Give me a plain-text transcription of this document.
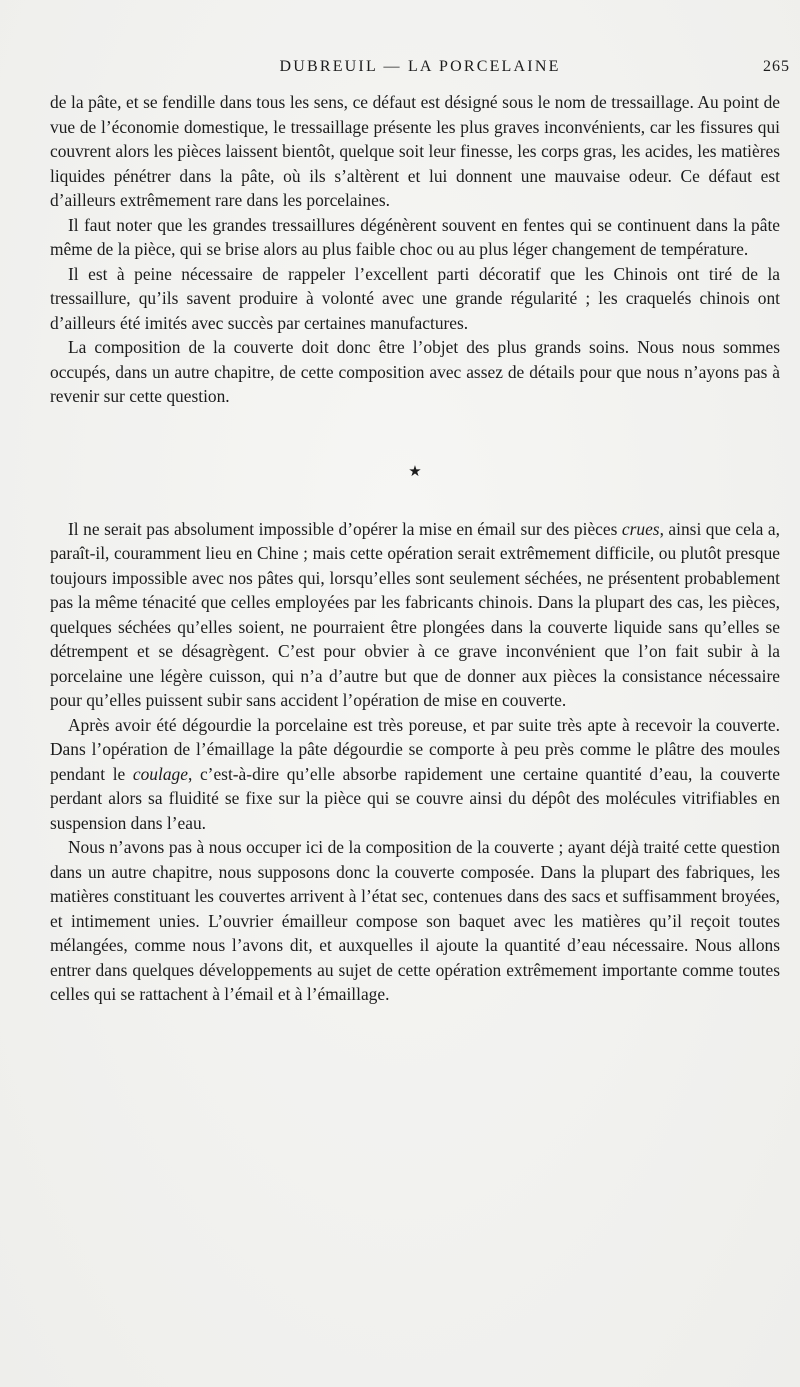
DUBREUIL — LA PORCELAINE	265

de la pâte, et se fendille dans tous les sens, ce défaut est désigné sous le nom de tressaillage. Au point de vue de l’économie domestique, le tressaillage présente les plus graves inconvénients, car les fissures qui couvrent alors les pièces laissent bientôt, quelque soit leur finesse, les corps gras, les acides, les matières liquides pénétrer dans la pâte, où ils s’altèrent et lui donnent une mauvaise odeur. Ce défaut est d’ailleurs extrêmement rare dans les porcelaines.

Il faut noter que les grandes tressaillures dégénèrent souvent en fentes qui se continuent dans la pâte même de la pièce, qui se brise alors au plus faible choc ou au plus léger changement de température.

Il est à peine nécessaire de rappeler l’excellent parti décoratif que les Chinois ont tiré de la tressaillure, qu’ils savent produire à volonté avec une grande régularité ; les craquelés chinois ont d’ailleurs été imités avec succès par certaines manufactures.

La composition de la couverte doit donc être l’objet des plus grands soins. Nous nous sommes occupés, dans un autre chapitre, de cette composition avec assez de détails pour que nous n’ayons pas à revenir sur cette question.

★

Il ne serait pas absolument impossible d’opérer la mise en émail sur des pièces crues, ainsi que cela a, paraît-il, couramment lieu en Chine ; mais cette opération serait extrêmement difficile, ou plutôt presque toujours impossible avec nos pâtes qui, lorsqu’elles sont seulement séchées, ne présentent probablement pas la même ténacité que celles employées par les fabricants chinois. Dans la plupart des cas, les pièces, quelques séchées qu’elles soient, ne pourraient être plongées dans la couverte liquide sans qu’elles se détrempent et se désagrègent. C’est pour obvier à ce grave inconvénient que l’on fait subir à la porcelaine une légère cuisson, qui n’a d’autre but que de donner aux pièces la consistance nécessaire pour qu’elles puissent subir sans accident l’opération de mise en couverte.

Après avoir été dégourdie la porcelaine est très poreuse, et par suite très apte à recevoir la couverte. Dans l’opération de l’émaillage la pâte dégourdie se comporte à peu près comme le plâtre des moules pendant le coulage, c’est-à-dire qu’elle absorbe rapidement une certaine quantité d’eau, la couverte perdant alors sa fluidité se fixe sur la pièce qui se couvre ainsi du dépôt des molécules vitrifiables en suspension dans l’eau.

Nous n’avons pas à nous occuper ici de la composition de la couverte ; ayant déjà traité cette question dans un autre chapitre, nous supposons donc la couverte composée. Dans la plupart des fabriques, les matières constituant les couvertes arrivent à l’état sec, contenues dans des sacs et suffisamment broyées, et intimement unies. L’ouvrier émailleur compose son baquet avec les matières qu’il reçoit toutes mélangées, comme nous l’avons dit, et auxquelles il ajoute la quantité d’eau nécessaire. Nous allons entrer dans quelques développements au sujet de cette opération extrêmement importante comme toutes celles qui se rattachent à l’émail et à l’émaillage.
